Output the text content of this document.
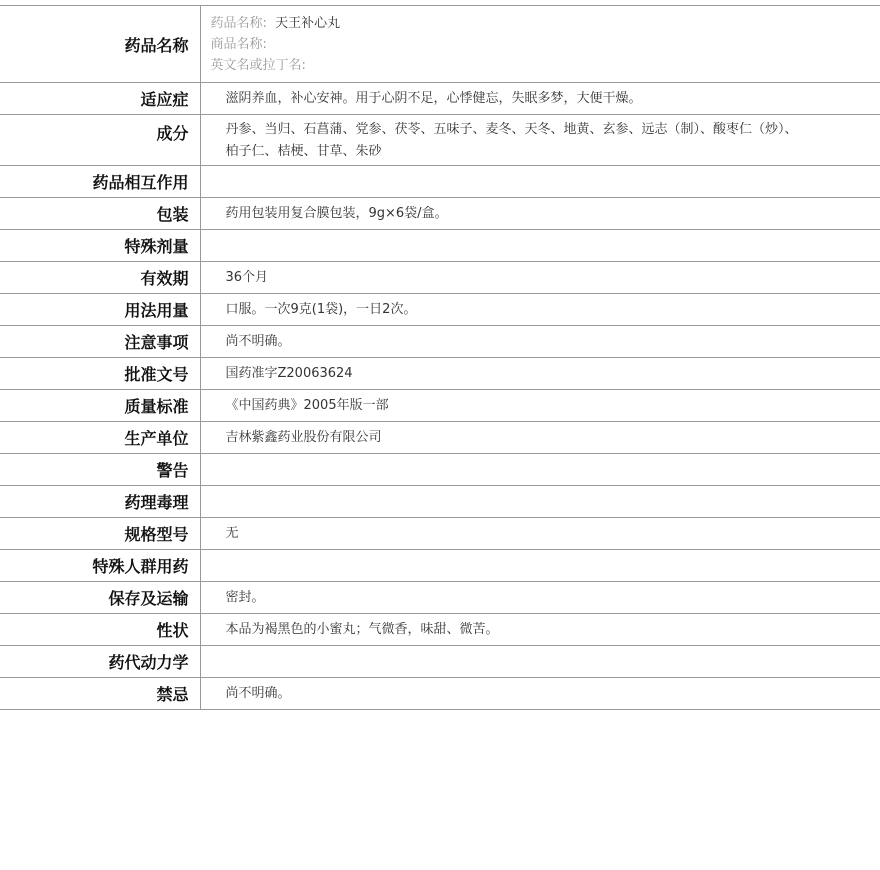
药品名称	药品名称: 天王补心丸
商品名称:
英文名或拉丁名:

适应症	滋阴养血，补心安神。用于心阴不足，心悸健忘，失眠多梦，大便干燥。
成分	丹参、当归、石菖蒲、党参、茯苓、五味子、麦冬、天冬、地黄、玄参、远志（制）、酸枣仁（炒）、柏子仁、桔梗、甘草、朱砂
药品相互作用	
包装	药用包装用复合膜包装，9g×6袋/盒。
特殊剂量	
有效期	36个月
用法用量	口服。一次9克(1袋)，一日2次。
注意事项	尚不明确。
批准文号	国药准字Z20063624
质量标准	《中国药典》2005年版一部
生产单位	吉林紫鑫药业股份有限公司
警告	
药理毒理	
规格型号	无
特殊人群用药	
保存及运输	密封。
性状	本品为褐黑色的小蜜丸；气微香，味甜、微苦。
药代动力学	
禁忌	尚不明确。
